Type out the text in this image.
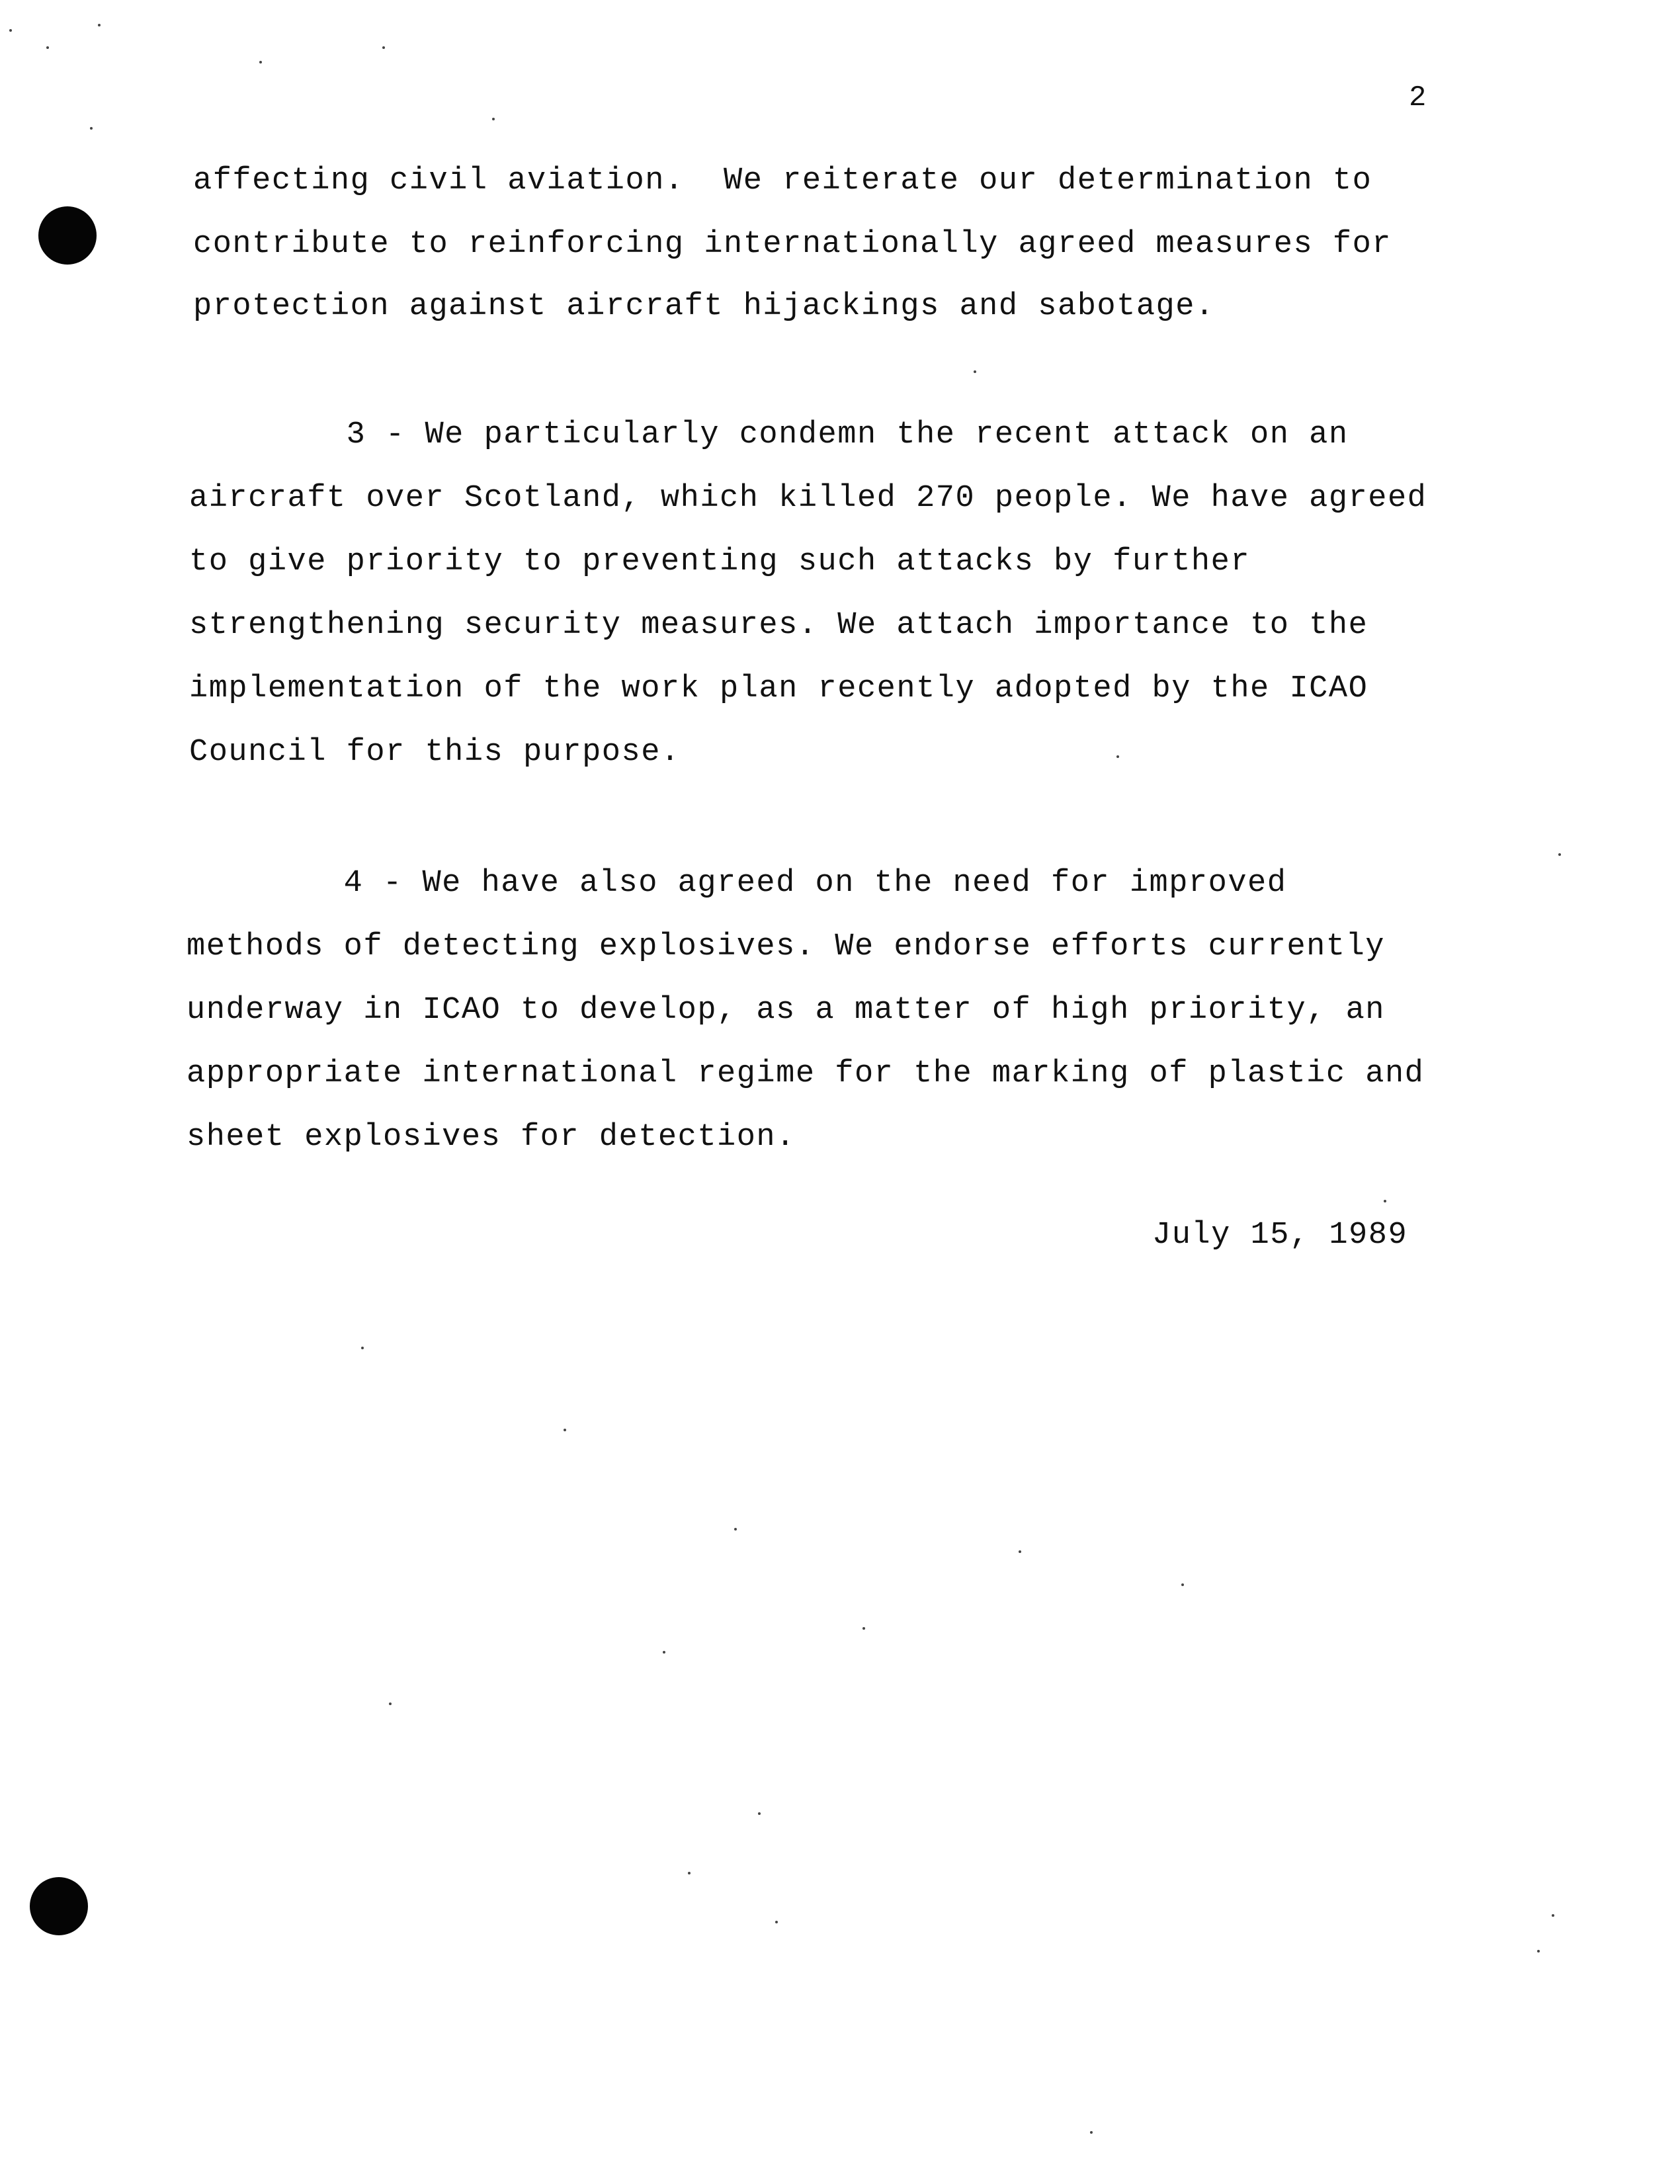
2
affecting civil aviation.  We reiterate our determination to
contribute to reinforcing internationally agreed measures for
protection against aircraft hijackings and sabotage.
3 - We particularly condemn the recent attack on an
aircraft over Scotland, which killed 270 people. We have agreed
to give priority to preventing such attacks by further
strengthening security measures. We attach importance to the
implementation of the work plan recently adopted by the ICAO
Council for this purpose.
4 - We have also agreed on the need for improved
methods of detecting explosives. We endorse efforts currently
underway in ICAO to develop, as a matter of high priority, an
appropriate international regime for the marking of plastic and
sheet explosives for detection.
July 15, 1989
